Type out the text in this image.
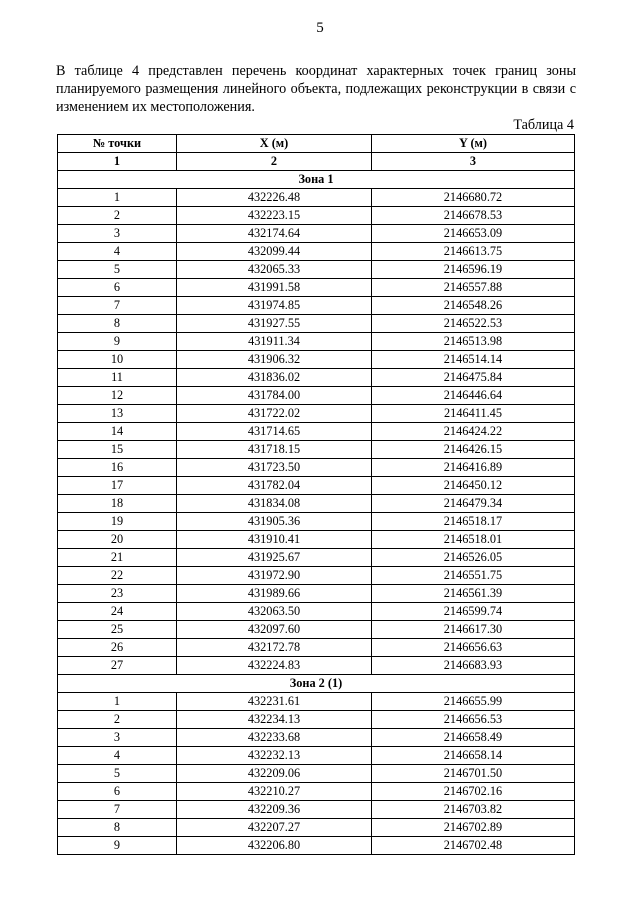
5

В таблице 4 представлен перечень координат характерных точек границ зоны планируемого размещения линейного объекта, подлежащих реконструкции в связи с изменением их местоположения.

Таблица 4
№ точки	X (м)	Y (м)
1	2	3
Зона 1		
1	432226.48	2146680.72
2	432223.15	2146678.53
3	432174.64	2146653.09
4	432099.44	2146613.75
5	432065.33	2146596.19
6	431991.58	2146557.88
7	431974.85	2146548.26
8	431927.55	2146522.53
9	431911.34	2146513.98
10	431906.32	2146514.14
11	431836.02	2146475.84
12	431784.00	2146446.64
13	431722.02	2146411.45
14	431714.65	2146424.22
15	431718.15	2146426.15
16	431723.50	2146416.89
17	431782.04	2146450.12
18	431834.08	2146479.34
19	431905.36	2146518.17
20	431910.41	2146518.01
21	431925.67	2146526.05
22	431972.90	2146551.75
23	431989.66	2146561.39
24	432063.50	2146599.74
25	432097.60	2146617.30
26	432172.78	2146656.63
27	432224.83	2146683.93
Зона 2 (1)		
1	432231.61	2146655.99
2	432234.13	2146656.53
3	432233.68	2146658.49
4	432232.13	2146658.14
5	432209.06	2146701.50
6	432210.27	2146702.16
7	432209.36	2146703.82
8	432207.27	2146702.89
9	432206.80	2146702.48
